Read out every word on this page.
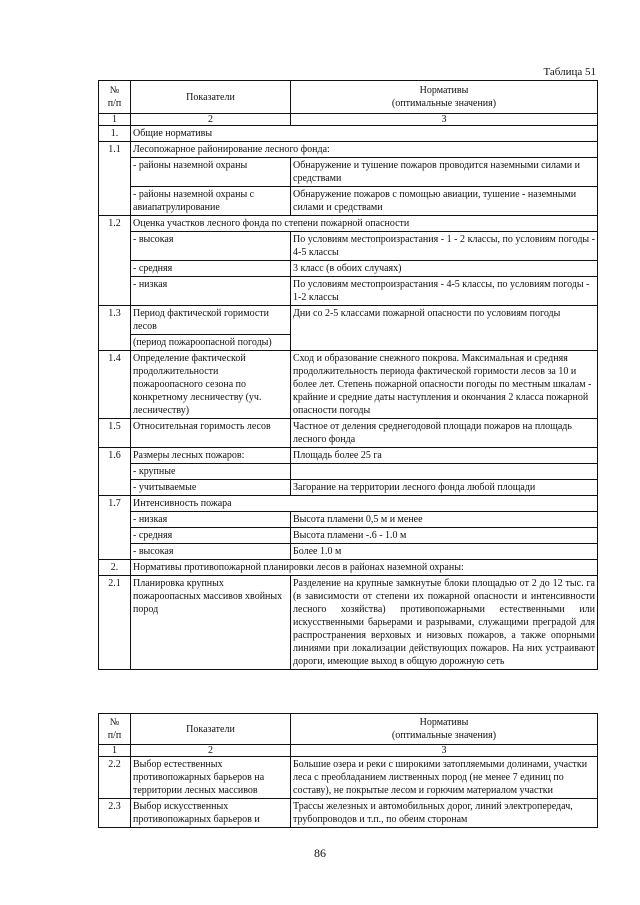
Таблица 51
№
п/п	Показатели	Нормативы
(оптимальные значения)
1	2	3
1.	Общие нормативы	
1.1	Лесопожарное районирование лесного фонда:	
	- районы наземной охраны	Обнаружение и тушение пожаров проводится наземными силами и средствами
	- районы наземной охраны с авиапатрулирование	Обнаружение пожаров с помощью авиации, тушение - наземными силами и средствами
1.2	Оценка участков лесного фонда по степени пожарной опасности	
	- высокая	По условиям местопроизрастания - 1 - 2 классы, по условиям погоды - 4-5 классы
	- средняя	3 класс (в обоих случаях)
	- низкая	По условиям местопроизрастания - 4-5 классы, по условиям погоды - 1-2 классы
1.3	Период фактической горимости лесов	Дни со 2-5 классами пожарной опасности по условиям погоды
	(период пожароопасной погоды)	
1.4	Определение фактической продолжительности пожароопасного сезона по конкретному лесничеству (уч. лесничеству)	Сход и образование снежного покрова. Максимальная и средняя продолжительность периода фактической горимости лесов за 10 и более лет. Степень пожарной опасности погоды по местным шкалам - крайние и средние даты наступления и окончания 2 класса пожарной опасности погоды
1.5	Относительная горимость лесов	Частное от деления среднегодовой площади пожаров на площадь лесного фонда
1.6	Размеры лесных пожаров:	Площадь более 25 га
	- крупные	
	- учитываемые	Загорание на территории лесного фонда любой площади
1.7	Интенсивность пожара	
	- низкая	Высота пламени 0,5 м и менее
	- средняя	Высота пламени -.6 - 1.0 м
	- высокая	Более 1.0 м
2.	Нормативы противопожарной планировки лесов в районах наземной охраны:	
2.1	Планировка крупных пожароопасных массивов хвойных пород	Разделение на крупные замкнутые блоки площадью от 2 до 12 тыс. га (в зависимости от степени их пожарной опасности и интенсивности лесного хозяйства) противопожарными естественными или искусственными барьерами и разрывами, служащими преградой для распространения верховых и низовых пожаров, а также опорными линиями при локализации действующих пожаров. На них устраивают дороги, имеющие выход в общую дорожную сеть
№
п/п	Показатели	Нормативы
(оптимальные значения)
1	2	3
2.2	Выбор естественных противопожарных барьеров на территории лесных массивов	Большие озера и реки с широкими затопляемыми долинами, участки леса с преобладанием лиственных пород (не менее 7 единиц по составу), не покрытые лесом и горючим материалом участки
2.3	Выбор искусственных противопожарных барьеров и	Трассы железных и автомобильных дорог, линий электропередач, трубопроводов и т.п., по обеим сторонам
86
